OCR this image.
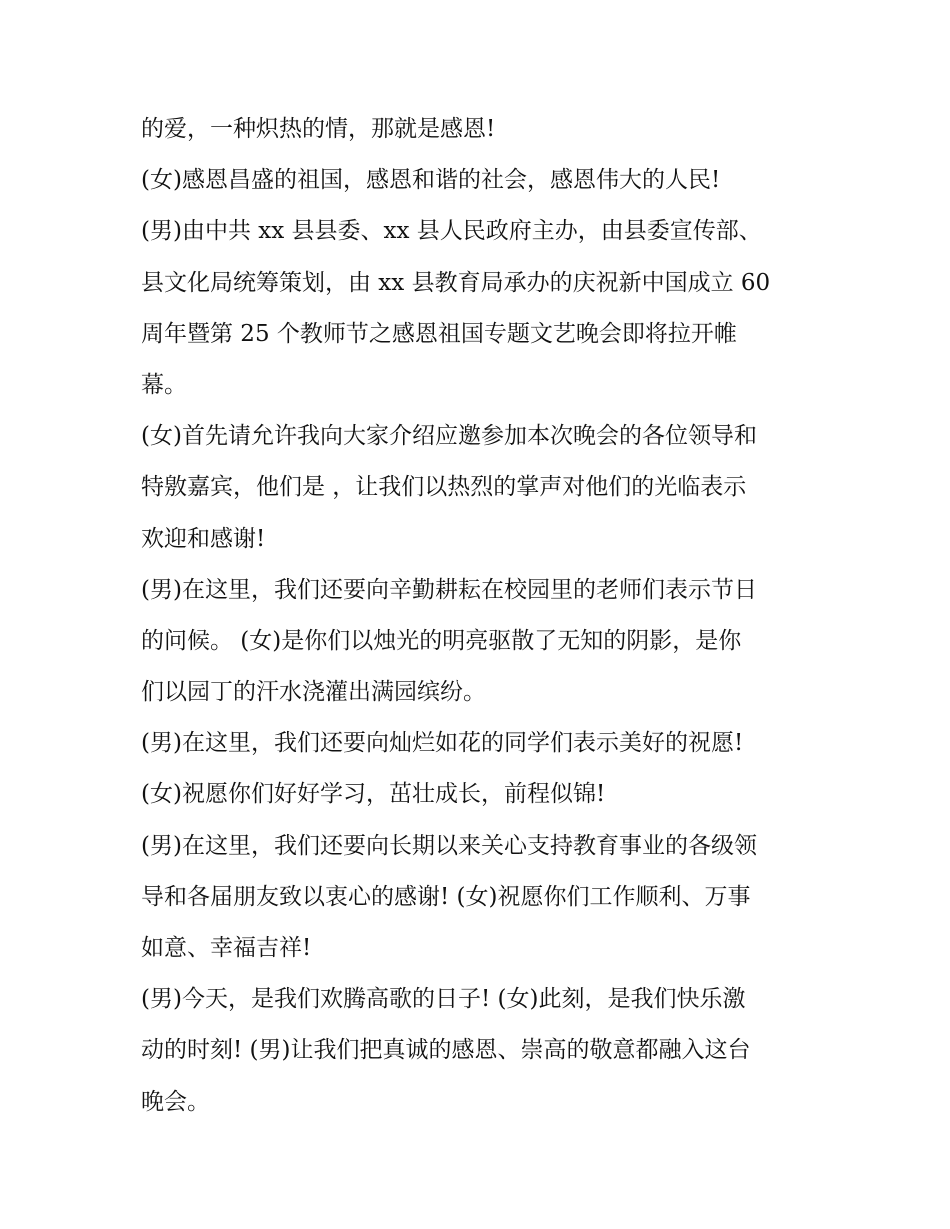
的爱，一种炽热的情，那就是感恩!
(女)感恩昌盛的祖国，感恩和谐的社会，感恩伟大的人民!
(男)由中共 xx 县县委、xx 县人民政府主办，由县委宣传部、
县文化局统筹策划，由 xx 县教育局承办的庆祝新中国成立 60
周年暨第 25 个教师节之感恩祖国专题文艺晚会即将拉开帷
幕。
(女)首先请允许我向大家介绍应邀参加本次晚会的各位领导和
特敫嘉宾，他们是 ，让我们以热烈的掌声对他们的光临表示
欢迎和感谢!
(男)在这里，我们还要向辛勤耕耘在校园里的老师们表示节日
的问候。 (女)是你们以烛光的明亮驱散了无知的阴影，是你
们以园丁的汗水浇灌出满园缤纷。
(男)在这里，我们还要向灿烂如花的同学们表示美好的祝愿!
(女)祝愿你们好好学习，茁壮成长，前程似锦!
(男)在这里，我们还要向长期以来关心支持教育事业的各级领
导和各届朋友致以衷心的感谢! (女)祝愿你们工作顺利、万事
如意、幸福吉祥!
(男)今天，是我们欢腾高歌的日子! (女)此刻，是我们快乐激
动的时刻! (男)让我们把真诚的感恩、崇高的敬意都融入这台
晚会。
